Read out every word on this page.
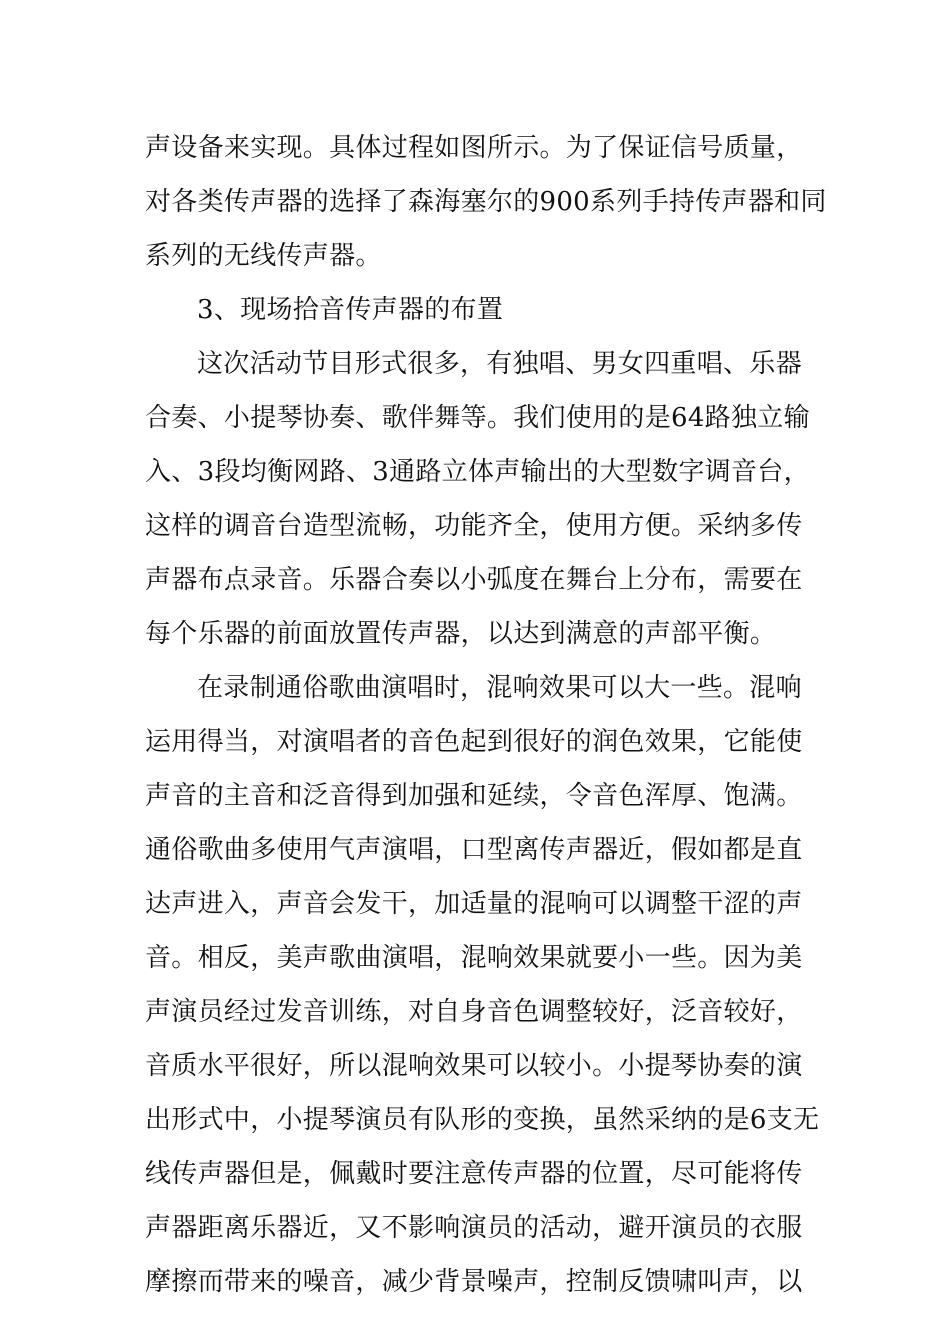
声设备来实现。具体过程如图所示。为了保证信号质量，
对各类传声器的选择了森海塞尔的900系列手持传声器和同
系列的无线传声器。
3、现场拾音传声器的布置
这次活动节目形式很多，有独唱、男女四重唱、乐器
合奏、小提琴协奏、歌伴舞等。我们使用的是64路独立输
入、3段均衡网路、3通路立体声输出的大型数字调音台，
这样的调音台造型流畅，功能齐全，使用方便。采纳多传
声器布点录音。乐器合奏以小弧度在舞台上分布，需要在
每个乐器的前面放置传声器，以达到满意的声部平衡。
在录制通俗歌曲演唱时，混响效果可以大一些。混响
运用得当，对演唱者的音色起到很好的润色效果，它能使
声音的主音和泛音得到加强和延续，令音色浑厚、饱满。
通俗歌曲多使用气声演唱，口型离传声器近，假如都是直
达声进入，声音会发干，加适量的混响可以调整干涩的声
音。相反，美声歌曲演唱，混响效果就要小一些。因为美
声演员经过发音训练，对自身音色调整较好，泛音较好，
音质水平很好，所以混响效果可以较小。小提琴协奏的演
出形式中，小提琴演员有队形的变换，虽然采纳的是6支无
线传声器但是，佩戴时要注意传声器的位置，尽可能将传
声器距离乐器近，又不影响演员的活动，避开演员的衣服
摩擦而带来的噪音，减少背景噪声，控制反馈啸叫声，以
